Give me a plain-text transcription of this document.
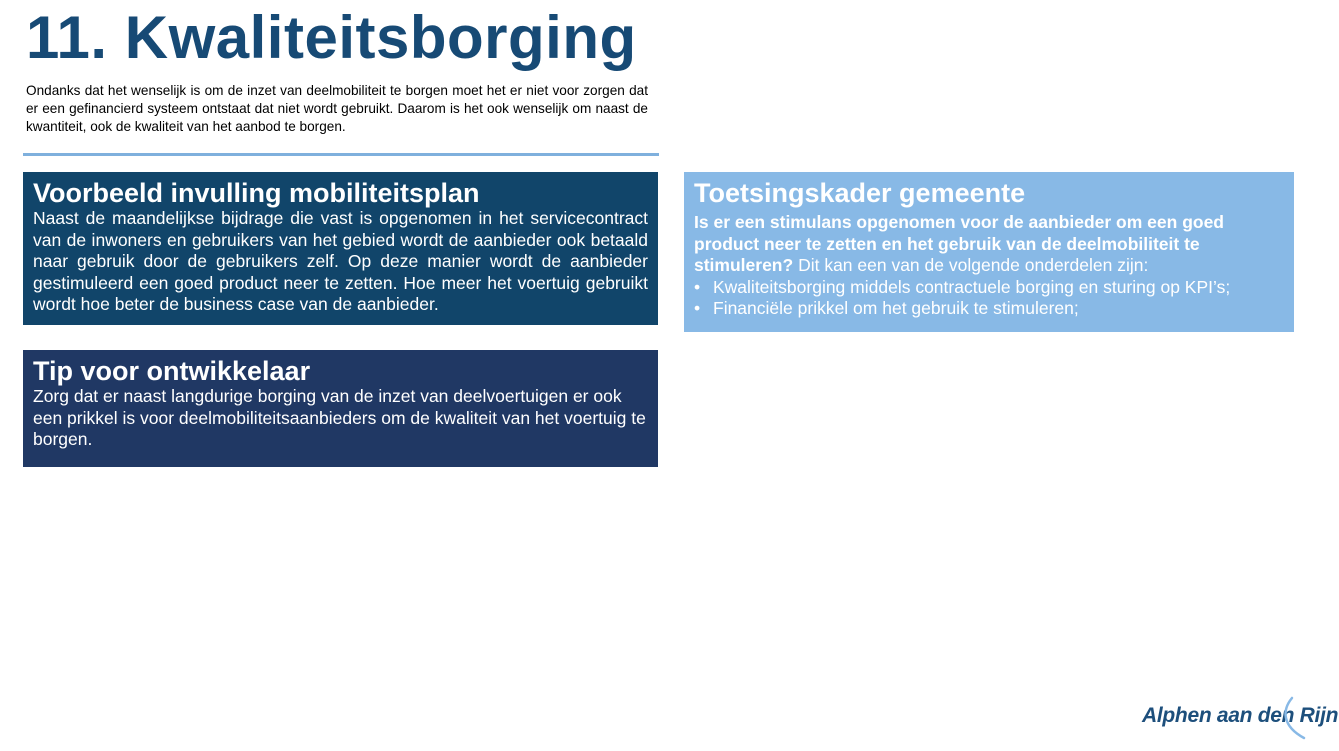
11. Kwaliteitsborging

Ondanks dat het wenselijk is om de inzet van deelmobiliteit te borgen moet het er niet voor zorgen dat er een gefinancierd systeem ontstaat dat niet wordt gebruikt. Daarom is het ook wenselijk om naast de kwantiteit, ook de kwaliteit van het aanbod te borgen.

Voorbeeld invulling mobiliteitsplan

Naast de maandelijkse bijdrage die vast is opgenomen in het servicecontract van de inwoners en gebruikers van het gebied wordt de aanbieder ook betaald naar gebruik door de gebruikers zelf. Op deze manier wordt de aanbieder gestimuleerd een goed product neer te zetten. Hoe meer het voertuig gebruikt wordt hoe beter de business case van de aanbieder.

Tip voor ontwikkelaar

Zorg dat er naast langdurige borging van de inzet van deelvoertuigen er ook een prikkel is voor deelmobiliteitsaanbieders om de kwaliteit van het voertuig te borgen.

Toetsingskader gemeente

Is er een stimulans opgenomen voor de aanbieder om een goed product neer te zetten en het gebruik van de deelmobiliteit te stimuleren? Dit kan een van de volgende onderdelen zijn:

• Kwaliteitsborging middels contractuele borging en sturing op KPI’s;
• Financiële prikkel om het gebruik te stimuleren;
Alphen aan den Rijn
